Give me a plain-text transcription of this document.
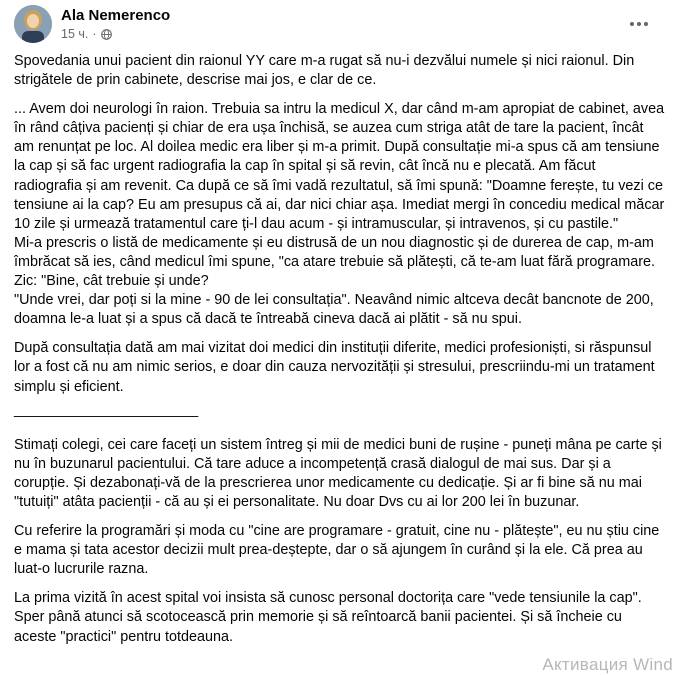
Ala Nemerenco
15 ч. ·

Spovedania unui pacient din raionul YY care m-a rugat să nu-i dezvălui numele și nici raionul. Din strigătele de prin cabinete, descrise mai jos, e clar de ce.

... Avem doi neurologi în raion. Trebuia sa intru la medicul X, dar când m-am apropiat de cabinet, avea în rând câțiva pacienți și chiar de era ușa închisă, se auzea cum striga atât de tare la pacient, încât am renunțat pe loc. Al doilea medic era liber și m-a primit. După consultație mi-a spus că am tensiune la cap și să fac urgent radiografia la cap în spital și să revin, cât încă nu e plecată. Am făcut radiografia și am revenit. Ca după ce să îmi vadă rezultatul, să îmi spună: "Doamne ferește, tu vezi ce tensiune ai la cap? Eu am presupus că ai, dar nici chiar așa. Imediat mergi în concediu medical măcar 10 zile și urmează tratamentul care ți-l dau acum - și intramuscular, și intravenos, și cu pastile."
Mi-a prescris o listă de medicamente și eu distrusă de un nou diagnostic și de durerea de cap, m-am îmbrăcat să ies, când medicul îmi spune, "ca atare trebuie să plătești, că te-am luat fără programare. Zic: "Bine, cât trebuie și unde?
"Unde vrei, dar poți si la mine - 90 de lei consultația". Neavând nimic altceva decât bancnote de 200, doamna le-a luat și a spus că dacă te întreabă cineva dacă ai plătit - să nu spui.

După consultația dată am mai vizitat doi medici din instituții diferite, medici profesioniști, si răspunsul lor a fost că nu am nimic serios, e doar din cauza nervozității și stresului, prescriindu-mi un tratament simplu și eficient.

_______________________

Stimați colegi, cei care faceți un sistem întreg și mii de medici buni de rușine - puneți mâna pe carte și nu în buzunarul pacientului. Că tare aduce a incompetență crasă dialogul de mai sus. Dar și a corupție. Și dezabonați-vă de la prescrierea unor medicamente cu dedicație. Și ar fi bine să nu mai "tutuiți" atâta pacienții - că au și ei personalitate. Nu doar Dvs cu ai lor 200 lei în buzunar.

Cu referire la programări și moda cu "cine are programare - gratuit, cine nu - plătește", eu nu știu cine e mama și tata acestor decizii mult prea-deștepte, dar o să ajungem în curând și la ele. Că prea au luat-o lucrurile razna.

La prima vizită în acest spital voi insista să cunosc personal doctorița care "vede tensiunile la cap". Sper până atunci să scotocească prin memorie și să reîntoarcă banii pacientei. Și să încheie cu aceste "practici" pentru totdeauna.

Активация Wind
